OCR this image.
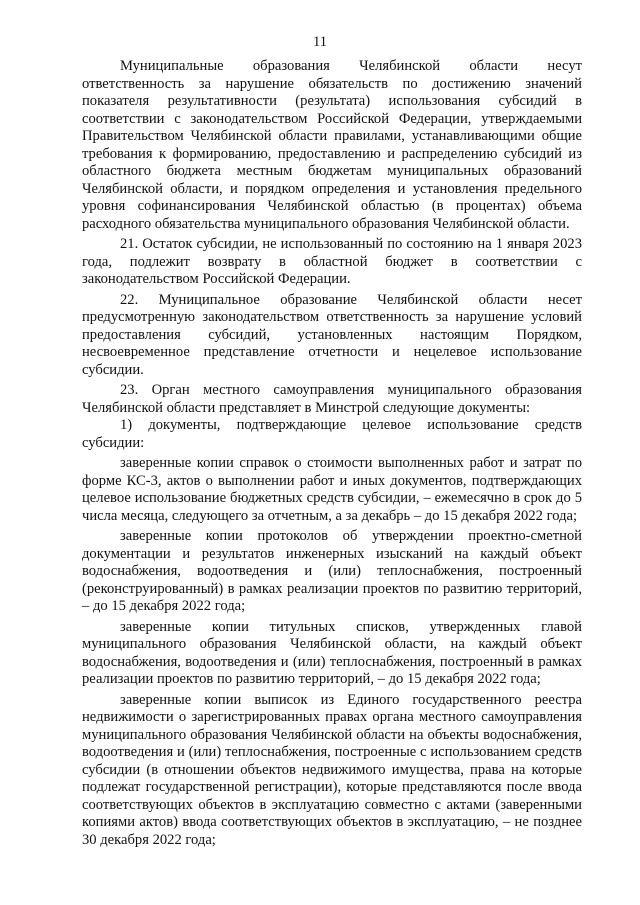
11

Муниципальные образования Челябинской области несут ответственность за нарушение обязательств по достижению значений показателя результативности (результата) использования субсидий в соответствии с законодательством Российской Федерации, утверждаемыми Правительством Челябинской области правилами, устанавливающими общие требования к формированию, предоставлению и распределению субсидий из областного бюджета местным бюджетам муниципальных образований Челябинской области, и порядком определения и установления предельного уровня софинансирования Челябинской областью (в процентах) объема расходного обязательства муниципального образования Челябинской области.

21. Остаток субсидии, не использованный по состоянию на 1 января 2023 года, подлежит возврату в областной бюджет в соответствии с законодательством Российской Федерации.

22. Муниципальное образование Челябинской области несет предусмотренную законодательством ответственность за нарушение условий предоставления субсидий, установленных настоящим Порядком, несвоевременное представление отчетности и нецелевое использование субсидии.

23. Орган местного самоуправления муниципального образования Челябинской области представляет в Минстрой следующие документы:

1) документы, подтверждающие целевое использование средств субсидии:

заверенные копии справок о стоимости выполненных работ и затрат по форме КС-3, актов о выполнении работ и иных документов, подтверждающих целевое использование бюджетных средств субсидии, – ежемесячно в срок до 5 числа месяца, следующего за отчетным, а за декабрь – до 15 декабря 2022 года;

заверенные копии протоколов об утверждении проектно-сметной документации и результатов инженерных изысканий на каждый объект водоснабжения, водоотведения и (или) теплоснабжения, построенный (реконструированный) в рамках реализации проектов по развитию территорий, – до 15 декабря 2022 года;

заверенные копии титульных списков, утвержденных главой муниципального образования Челябинской области, на каждый объект водоснабжения, водоотведения и (или) теплоснабжения, построенный в рамках реализации проектов по развитию территорий, – до 15 декабря 2022 года;

заверенные копии выписок из Единого государственного реестра недвижимости о зарегистрированных правах органа местного самоуправления муниципального образования Челябинской области на объекты водоснабжения, водоотведения и (или) теплоснабжения, построенные с использованием средств субсидии (в отношении объектов недвижимого имущества, права на которые подлежат государственной регистрации), которые представляются после ввода соответствующих объектов в эксплуатацию совместно с актами (заверенными копиями актов) ввода соответствующих объектов в эксплуатацию, – не позднее 30 декабря 2022 года;
